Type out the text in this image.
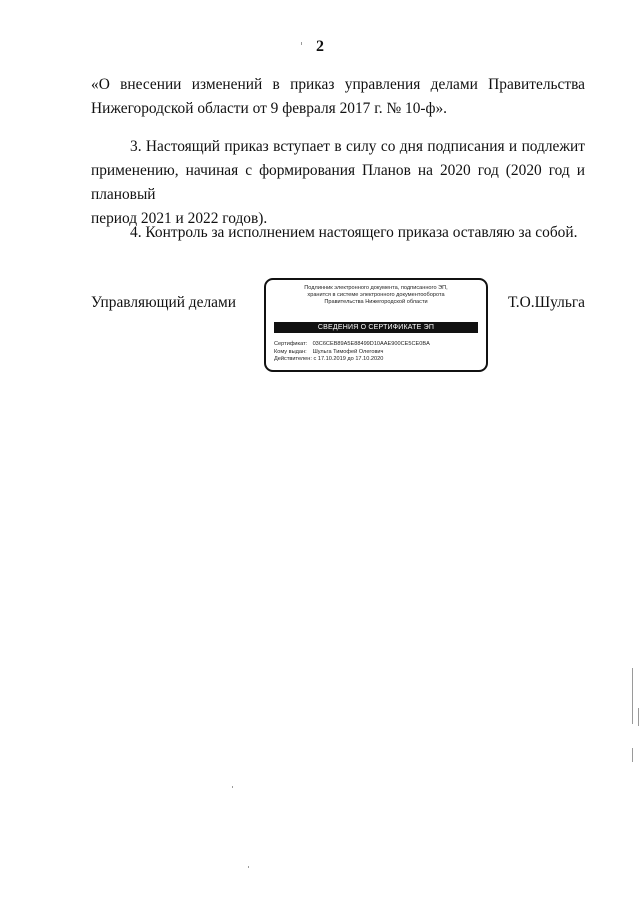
2
«О внесении изменений в приказ управления делами Правительства
Нижегородской области от 9 февраля 2017 г. № 10-ф».
3. Настоящий приказ вступает в силу со дня подписания и подлежит
применению, начиная с формирования Планов на 2020 год (2020 год и плановый
период 2021 и 2022 годов).
4. Контроль за исполнением настоящего приказа оставляю за собой.
Управляющий делами
Подлинник электронного документа, подписанного ЭП,
хранится в системе электронного документооборота
Правительства Нижегородской области
СВЕДЕНИЯ О СЕРТИФИКАТЕ ЭП
Сертификат: 03C6CEB89A5E88499D10AAE900CE5CE0BA
Кому выдан: Шульга Тимофей Олегович
Действителен: с 17.10.2019 до 17.10.2020
Т.О.Шульга
